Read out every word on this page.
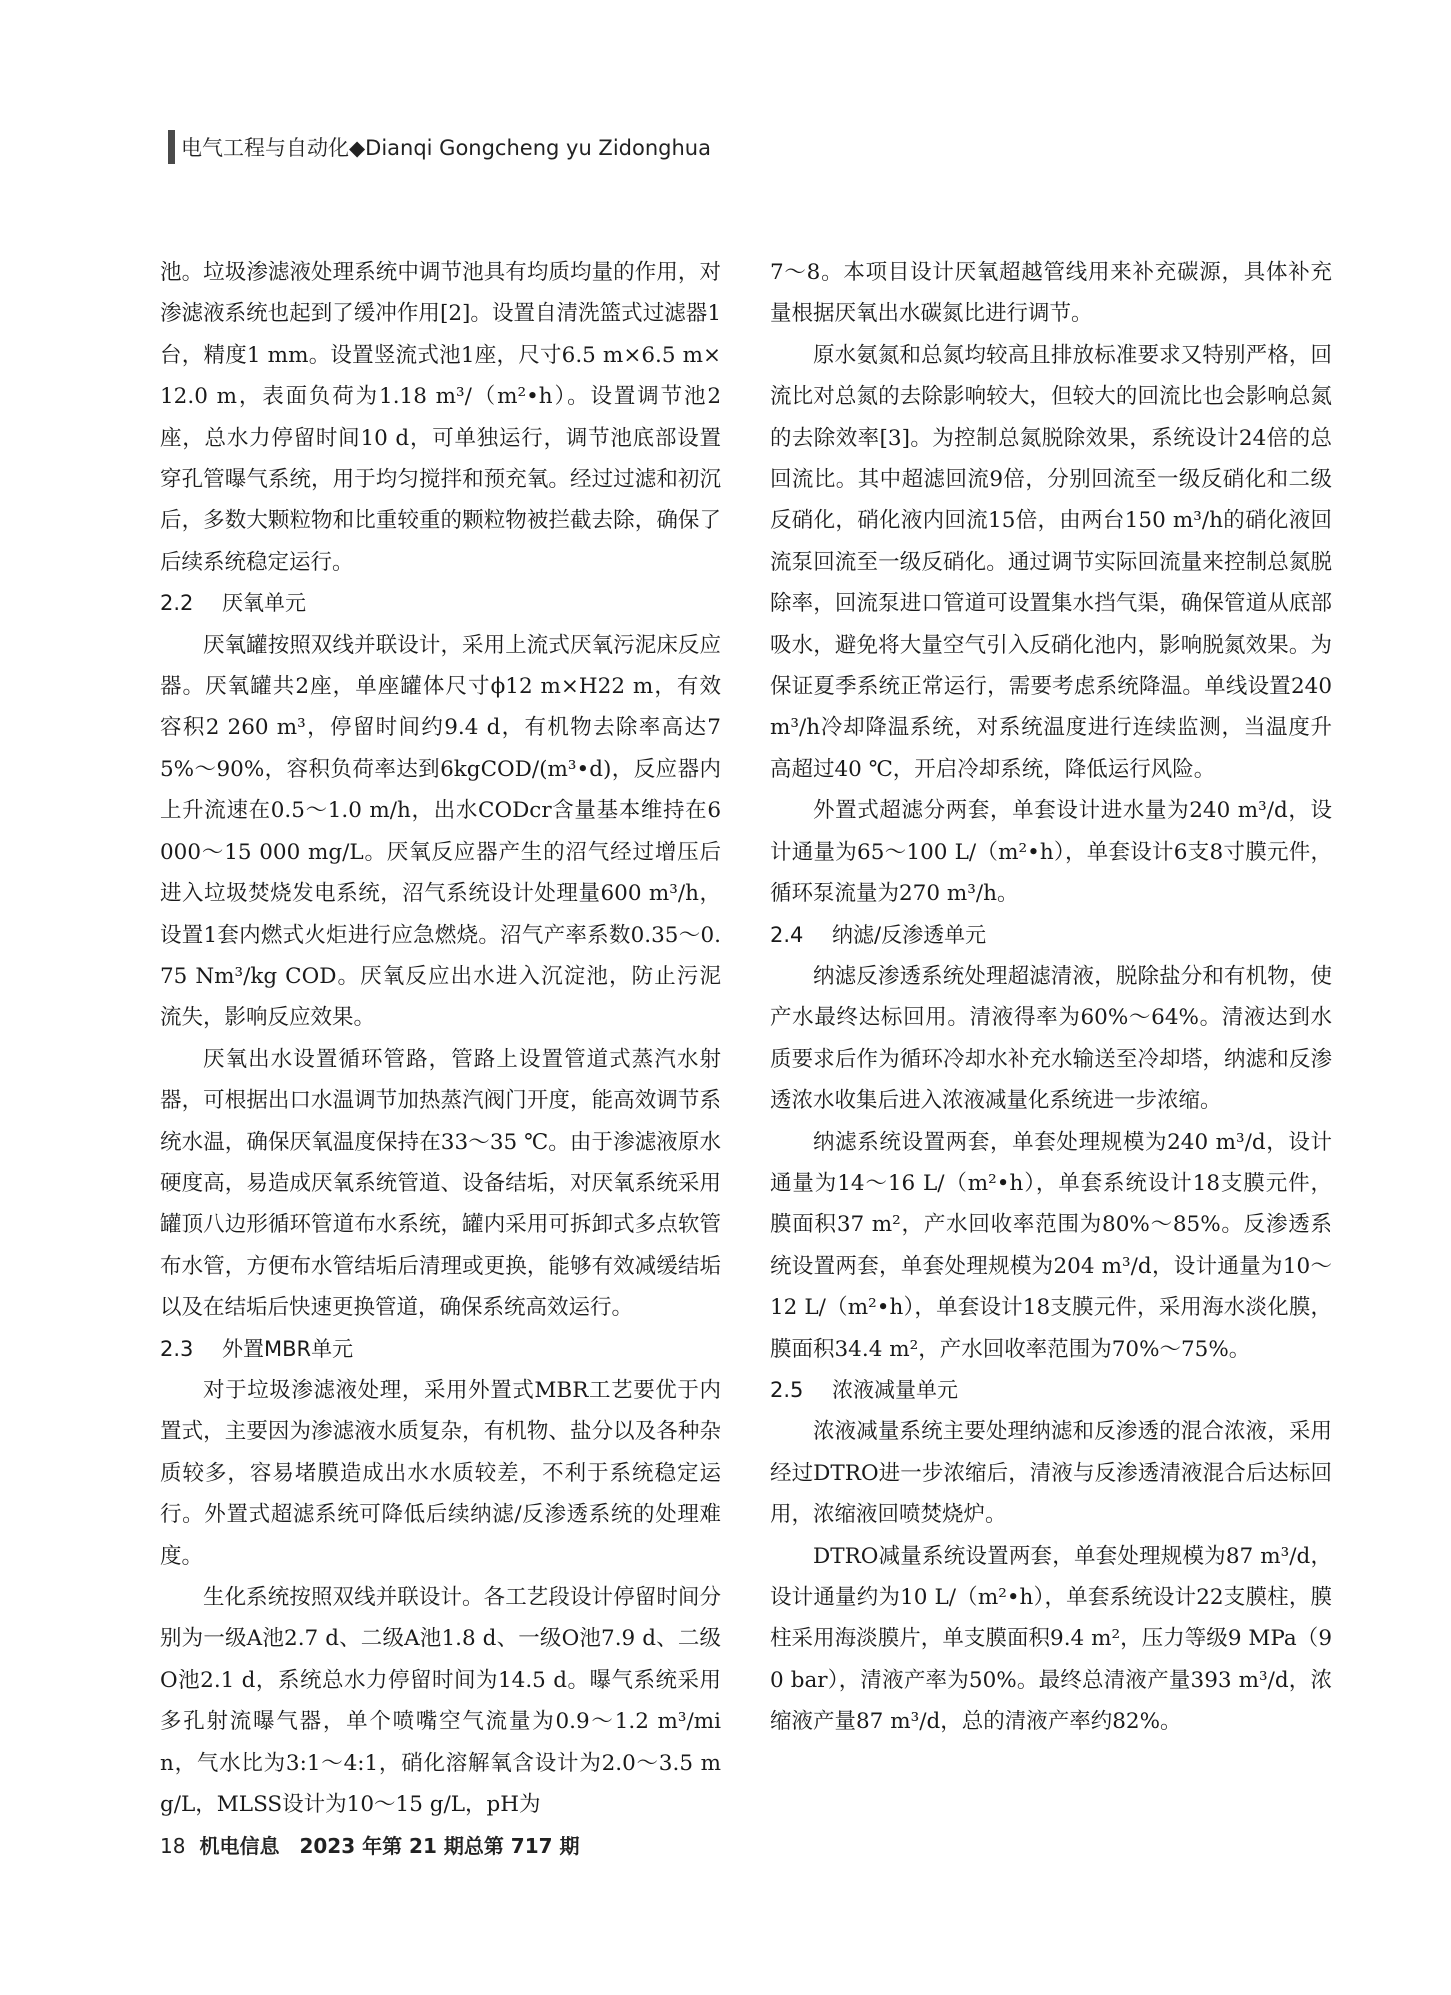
电气工程与自动化◆Dianqi Gongcheng yu Zidonghua

池。垃圾渗滤液处理系统中调节池具有均质均量的作用，对渗滤液系统也起到了缓冲作用[2]。设置自清洗篮式过滤器1台，精度1 mm。设置竖流式池1座，尺寸6.5 m×6.5 m×12.0 m，表面负荷为1.18 m³/（m²•h）。设置调节池2座，总水力停留时间10 d，可单独运行，调节池底部设置穿孔管曝气系统，用于均匀搅拌和预充氧。经过过滤和初沉后，多数大颗粒物和比重较重的颗粒物被拦截去除，确保了后续系统稳定运行。

2.2 厌氧单元

厌氧罐按照双线并联设计，采用上流式厌氧污泥床反应器。厌氧罐共2座，单座罐体尺寸ϕ12 m×H22 m，有效容积2 260 m³，停留时间约9.4 d，有机物去除率高达75%～90%，容积负荷率达到6kgCOD/(m³•d)，反应器内上升流速在0.5～1.0 m/h，出水CODcr含量基本维持在6 000～15 000 mg/L。厌氧反应器产生的沼气经过增压后进入垃圾焚烧发电系统，沼气系统设计处理量600 m³/h，设置1套内燃式火炬进行应急燃烧。沼气产率系数0.35～0.75 Nm³/kg COD。厌氧反应出水进入沉淀池，防止污泥流失，影响反应效果。

厌氧出水设置循环管路，管路上设置管道式蒸汽水射器，可根据出口水温调节加热蒸汽阀门开度，能高效调节系统水温，确保厌氧温度保持在33～35 ℃。由于渗滤液原水硬度高，易造成厌氧系统管道、设备结垢，对厌氧系统采用罐顶八边形循环管道布水系统，罐内采用可拆卸式多点软管布水管，方便布水管结垢后清理或更换，能够有效减缓结垢以及在结垢后快速更换管道，确保系统高效运行。

2.3 外置MBR单元

对于垃圾渗滤液处理，采用外置式MBR工艺要优于内置式，主要因为渗滤液水质复杂，有机物、盐分以及各种杂质较多，容易堵膜造成出水水质较差，不利于系统稳定运行。外置式超滤系统可降低后续纳滤/反渗透系统的处理难度。

生化系统按照双线并联设计。各工艺段设计停留时间分别为一级A池2.7 d、二级A池1.8 d、一级O池7.9 d、二级O池2.1 d，系统总水力停留时间为14.5 d。曝气系统采用多孔射流曝气器，单个喷嘴空气流量为0.9～1.2 m³/min，气水比为3:1～4:1，硝化溶解氧含设计为2.0～3.5 mg/L，MLSS设计为10～15 g/L，pH为

7～8。本项目设计厌氧超越管线用来补充碳源，具体补充量根据厌氧出水碳氮比进行调节。

原水氨氮和总氮均较高且排放标准要求又特别严格，回流比对总氮的去除影响较大，但较大的回流比也会影响总氮的去除效率[3]。为控制总氮脱除效果，系统设计24倍的总回流比。其中超滤回流9倍，分别回流至一级反硝化和二级反硝化，硝化液内回流15倍，由两台150 m³/h的硝化液回流泵回流至一级反硝化。通过调节实际回流量来控制总氮脱除率，回流泵进口管道可设置集水挡气渠，确保管道从底部吸水，避免将大量空气引入反硝化池内，影响脱氮效果。为保证夏季系统正常运行，需要考虑系统降温。单线设置240 m³/h冷却降温系统，对系统温度进行连续监测，当温度升高超过40 ℃，开启冷却系统，降低运行风险。

外置式超滤分两套，单套设计进水量为240 m³/d，设计通量为65～100 L/（m²•h），单套设计6支8寸膜元件，循环泵流量为270 m³/h。

2.4 纳滤/反渗透单元

纳滤反渗透系统处理超滤清液，脱除盐分和有机物，使产水最终达标回用。清液得率为60%～64%。清液达到水质要求后作为循环冷却水补充水输送至冷却塔，纳滤和反渗透浓水收集后进入浓液减量化系统进一步浓缩。

纳滤系统设置两套，单套处理规模为240 m³/d，设计通量为14～16 L/（m²•h），单套系统设计18支膜元件，膜面积37 m²，产水回收率范围为80%～85%。反渗透系统设置两套，单套处理规模为204 m³/d，设计通量为10～12 L/（m²•h），单套设计18支膜元件，采用海水淡化膜，膜面积34.4 m²，产水回收率范围为70%～75%。

2.5 浓液减量单元

浓液减量系统主要处理纳滤和反渗透的混合浓液，采用经过DTRO进一步浓缩后，清液与反渗透清液混合后达标回用，浓缩液回喷焚烧炉。

DTRO减量系统设置两套，单套处理规模为87 m³/d，设计通量约为10 L/（m²•h），单套系统设计22支膜柱，膜柱采用海淡膜片，单支膜面积9.4 m²，压力等级9 MPa（90 bar），清液产率为50%。最终总清液产量393 m³/d，浓缩液产量87 m³/d，总的清液产率约82%。

18 机电信息　2023 年第 21 期总第 717 期
